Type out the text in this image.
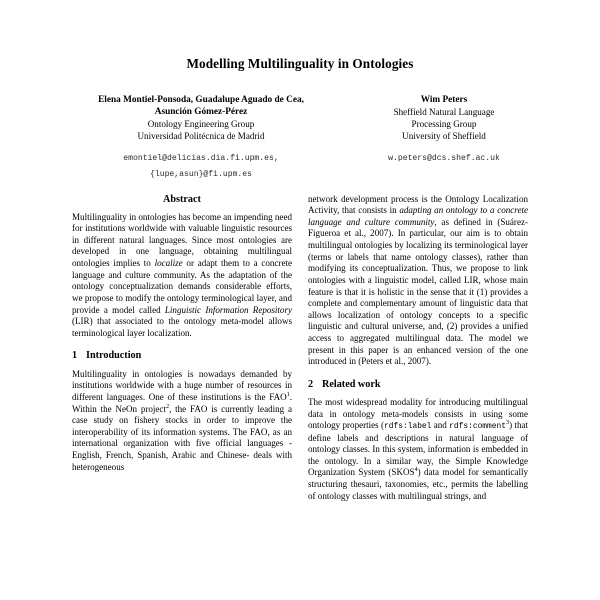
Modelling Multilinguality in Ontologies
Elena Montiel-Ponsoda, Guadalupe Aguado de Cea,
Asunción Gómez-Pérez
Ontology Engineering Group
Universidad Politécnica de Madrid
Wim Peters
Sheffield Natural Language
Processing Group
University of Sheffield
emontiel@delicias.dia.fi.upm.es,
{lupe,asun}@fi.upm.es
w.peters@dcs.shef.ac.uk
Abstract

Multilinguality in ontologies has become an impending need for institutions worldwide with valuable linguistic resources in different natural languages. Since most ontologies are developed in one language, obtaining multilingual ontologies implies to localize or adapt them to a concrete language and culture community. As the adaptation of the ontology conceptualization demands considerable efforts, we propose to modify the ontology terminological layer, and provide a model called Linguistic Information Repository (LIR) that associated to the ontology meta-model allows terminological layer localization.

1 Introduction

Multilinguality in ontologies is nowadays demanded by institutions worldwide with a huge number of resources in different languages. One of these institutions is the FAO$^1$. Within the NeOn project$^2$, the FAO is currently leading a case study on fishery stocks in order to improve the interoperability of its information systems. The FAO, as an international organization with five official languages -English, French, Spanish, Arabic and Chinese- deals with heterogeneous

network development process is the Ontology Localization Activity, that consists in adapting an ontology to a concrete language and culture community, as defined in (Suárez-Figueroa et al., 2007). In particular, our aim is to obtain multilingual ontologies by localizing its terminological layer (terms or labels that name ontology classes), rather than modifying its conceptualization. Thus, we propose to link ontologies with a linguistic model, called LIR, whose main feature is that it is holistic in the sense that it (1) provides a complete and complementary amount of linguistic data that allows localization of ontology concepts to a specific linguistic and cultural universe, and, (2) provides a unified access to aggregated multilingual data. The model we present in this paper is an enhanced version of the one introduced in (Peters et al., 2007).

2 Related work

The most widespread modality for introducing multilingual data in ontology meta-models consists in using some ontology properties (rdfs:label and rdfs:comment$^3$) that define labels and descriptions in natural language of ontology classes. In this system, information is embedded in the ontology. In a similar way, the Simple Knowledge Organization System (SKOS$^4$) data model for semantically structuring thesauri, taxonomies, etc., permits the labelling of ontology classes with multilingual strings, and
